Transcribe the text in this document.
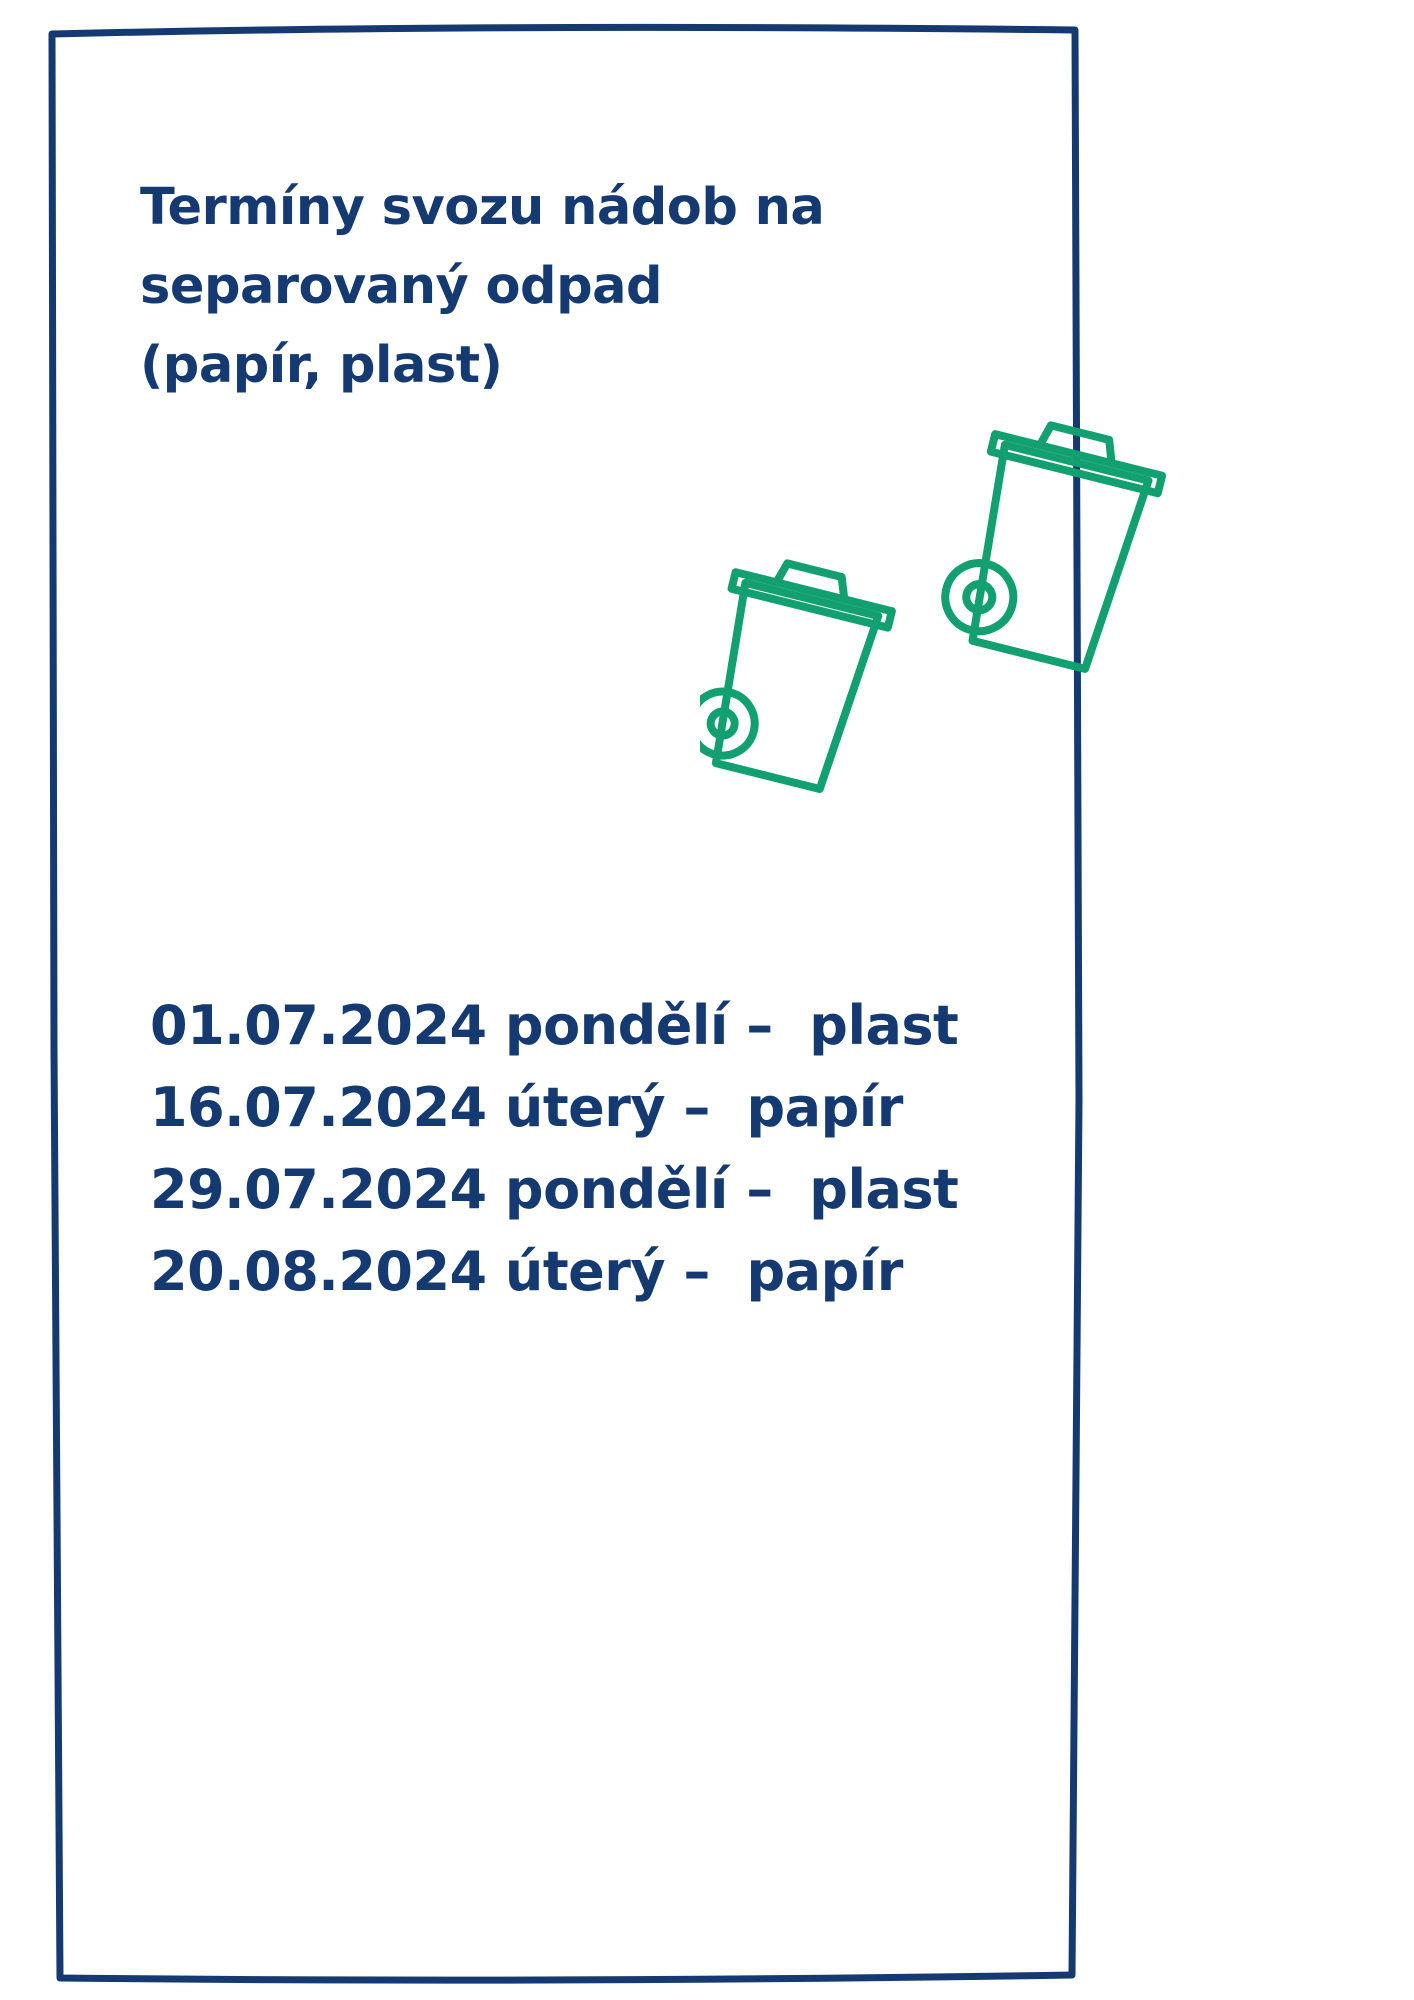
Termíny svozu nádob na
separovaný odpad
(papír, plast)
01.07.2024 pondělí –  plast
16.07.2024 úterý –  papír
29.07.2024 pondělí –  plast
20.08.2024 úterý –  papír
